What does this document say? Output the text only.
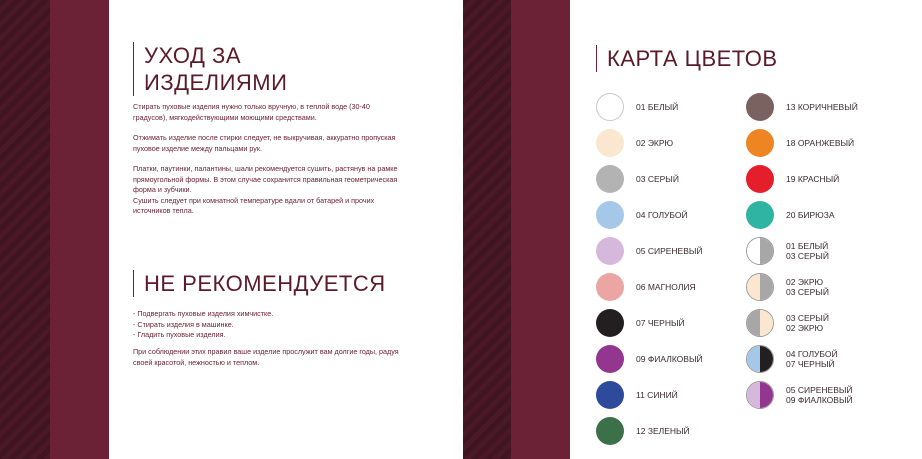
УХОД ЗА
ИЗДЕЛИЯМИ

Стирать пуховые изделия нужно только вручную, в теплой воде (30-40 градусов), мягкодействующими моющими средствами.

Отжимать изделие после стирки следует, не выкручивая, аккуратно пропуская пуховое изделие между пальцами рук.

Платки, паутинки, палантины, шали рекомендуется сушить, растянув на рамке прямоугольной формы. В этом случае сохранится правильная геометрическая форма и зубчики.
Сушить следует при комнатной температуре вдали от батарей и прочих источников тепла.

НЕ РЕКОМЕНДУЕТСЯ
- Подвергать пуховые изделия химчистке.
- Стирать изделия в машинке.
- Гладить пуховые изделия.
При соблюдении этих правил ваше изделие прослужит вам долгие годы, радуя своей красотой, нежностью и теплом.
КАРТА ЦВЕТОВ
01 БЕЛЫЙ
02 ЭКРЮ
03 СЕРЫЙ
04 ГОЛУБОЙ
05 СИРЕНЕВЫЙ
06 МАГНОЛИЯ
07 ЧЕРНЫЙ
09 ФИАЛКОВЫЙ
11 СИНИЙ
12 ЗЕЛЕНЫЙ
13 КОРИЧНЕВЫЙ
18 ОРАНЖЕВЫЙ
19 КРАСНЫЙ
20 БИРЮЗА
01 БЕЛЫЙ
03 СЕРЫЙ
02 ЭКРЮ
03 СЕРЫЙ
03 СЕРЫЙ
02 ЭКРЮ
04 ГОЛУБОЙ
07 ЧЕРНЫЙ
05 СИРЕНЕВЫЙ
09 ФИАЛКОВЫЙ
